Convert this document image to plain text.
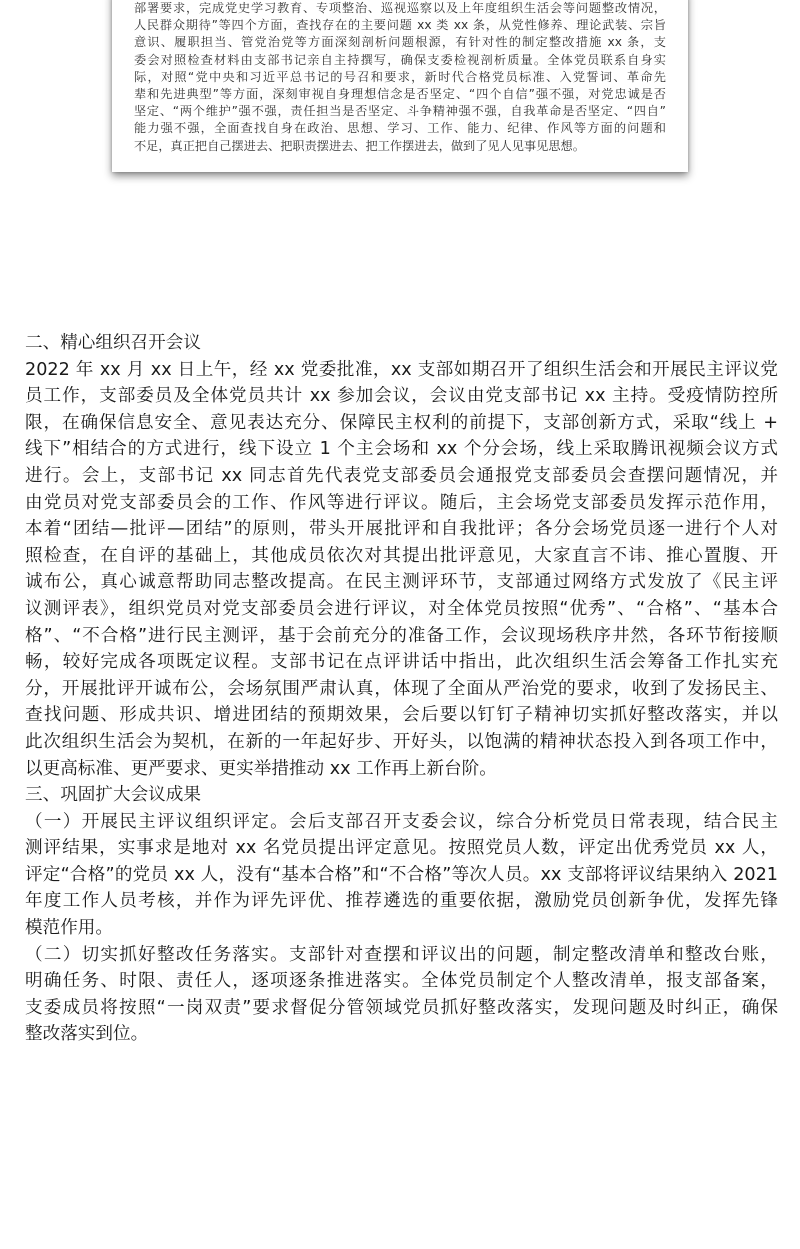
部署要求，完成党史学习教育、专项整治、巡视巡察以及上年度组织生活会等问题整改情况，
人民群众期待”等四个方面，查找存在的主要问题 xx 类 xx 条，从党性修养、理论武装、宗旨
意识、履职担当、管党治党等方面深刻剖析问题根源，有针对性的制定整改措施 xx 条，支
委会对照检查材料由支部书记亲自主持撰写，确保支委检视剖析质量。全体党员联系自身实
际，对照“党中央和习近平总书记的号召和要求，新时代合格党员标准、入党誓词、革命先
辈和先进典型”等方面，深刻审视自身理想信念是否坚定、“四个自信”强不强，对党忠诚是否
坚定、“两个维护”强不强，责任担当是否坚定、斗争精神强不强，自我革命是否坚定、“四自”
能力强不强，全面查找自身在政治、思想、学习、工作、能力、纪律、作风等方面的问题和
不足，真正把自己摆进去、把职责摆进去、把工作摆进去，做到了见人见事见思想。
二、精心组织召开会议
2022 年 xx 月 xx 日上午，经 xx 党委批准，xx 支部如期召开了组织生活会和开展民主评议党
员工作，支部委员及全体党员共计 xx 参加会议，会议由党支部书记 xx 主持。受疫情防控所
限，在确保信息安全、意见表达充分、保障民主权利的前提下，支部创新方式，采取“线上 +
线下”相结合的方式进行，线下设立 1 个主会场和 xx 个分会场，线上采取腾讯视频会议方式
进行。会上，支部书记 xx 同志首先代表党支部委员会通报党支部委员会查摆问题情况，并
由党员对党支部委员会的工作、作风等进行评议。随后，主会场党支部委员发挥示范作用，
本着“团结—批评—团结”的原则，带头开展批评和自我批评；各分会场党员逐一进行个人对
照检查，在自评的基础上，其他成员依次对其提出批评意见，大家直言不讳、推心置腹、开
诚布公，真心诚意帮助同志整改提高。在民主测评环节，支部通过网络方式发放了《民主评
议测评表》，组织党员对党支部委员会进行评议，对全体党员按照“优秀”、“合格”、“基本合
格”、“不合格”进行民主测评，基于会前充分的准备工作，会议现场秩序井然，各环节衔接顺
畅，较好完成各项既定议程。支部书记在点评讲话中指出，此次组织生活会筹备工作扎实充
分，开展批评开诚布公，会场氛围严肃认真，体现了全面从严治党的要求，收到了发扬民主、
查找问题、形成共识、增进团结的预期效果，会后要以钉钉子精神切实抓好整改落实，并以
此次组织生活会为契机，在新的一年起好步、开好头，以饱满的精神状态投入到各项工作中，
以更高标准、更严要求、更实举措推动 xx 工作再上新台阶。
三、巩固扩大会议成果
（一）开展民主评议组织评定。会后支部召开支委会议，综合分析党员日常表现，结合民主
测评结果，实事求是地对 xx 名党员提出评定意见。按照党员人数，评定出优秀党员 xx 人，
评定“合格”的党员 xx 人，没有“基本合格”和“不合格”等次人员。xx 支部将评议结果纳入 2021
年度工作人员考核，并作为评先评优、推荐遴选的重要依据，激励党员创新争优，发挥先锋
模范作用。
（二）切实抓好整改任务落实。支部针对查摆和评议出的问题，制定整改清单和整改台账，
明确任务、时限、责任人，逐项逐条推进落实。全体党员制定个人整改清单，报支部备案，
支委成员将按照“一岗双责”要求督促分管领域党员抓好整改落实，发现问题及时纠正，确保
整改落实到位。
